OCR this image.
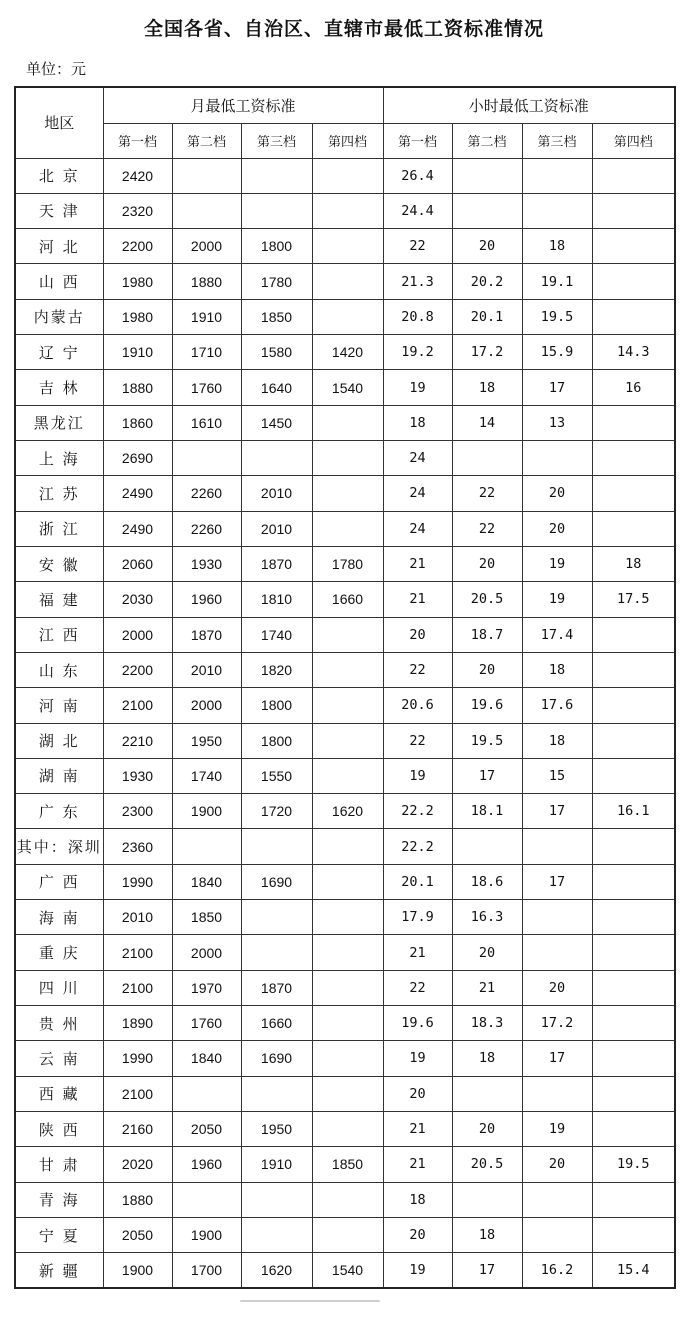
全国各省、自治区、直辖市最低工资标准情况
单位：元
地区	月最低工资标准				小时最低工资标准			
	第一档	第二档	第三档	第四档	第一档	第二档	第三档	第四档
北 京	2420				26.4			
天 津	2320				24.4			
河 北	2200	2000	1800		22	20	18	
山 西	1980	1880	1780		21.3	20.2	19.1	
内蒙古	1980	1910	1850		20.8	20.1	19.5	
辽 宁	1910	1710	1580	1420	19.2	17.2	15.9	14.3
吉 林	1880	1760	1640	1540	19	18	17	16
黑龙江	1860	1610	1450		18	14	13	
上 海	2690				24			
江 苏	2490	2260	2010		24	22	20	
浙 江	2490	2260	2010		24	22	20	
安 徽	2060	1930	1870	1780	21	20	19	18
福 建	2030	1960	1810	1660	21	20.5	19	17.5
江 西	2000	1870	1740		20	18.7	17.4	
山 东	2200	2010	1820		22	20	18	
河 南	2100	2000	1800		20.6	19.6	17.6	
湖 北	2210	1950	1800		22	19.5	18	
湖 南	1930	1740	1550		19	17	15	
广 东	2300	1900	1720	1620	22.2	18.1	17	16.1
其中：深圳	2360				22.2			
广 西	1990	1840	1690		20.1	18.6	17	
海 南	2010	1850			17.9	16.3		
重 庆	2100	2000			21	20		
四 川	2100	1970	1870		22	21	20	
贵 州	1890	1760	1660		19.6	18.3	17.2	
云 南	1990	1840	1690		19	18	17	
西 藏	2100				20			
陕 西	2160	2050	1950		21	20	19	
甘 肃	2020	1960	1910	1850	21	20.5	20	19.5
青 海	1880				18			
宁 夏	2050	1900			20	18		
新 疆	1900	1700	1620	1540	19	17	16.2	15.4
